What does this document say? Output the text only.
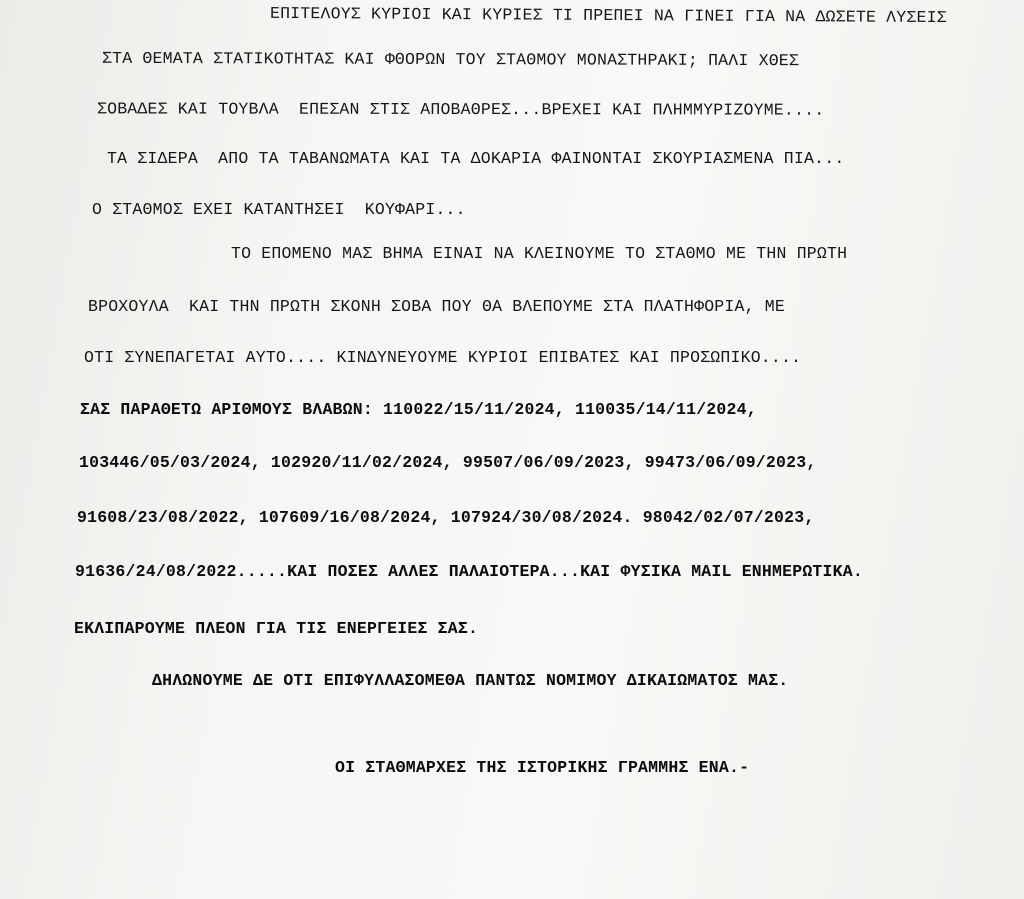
ΕΠΙΤΕΛΟΥΣ ΚΥΡΙΟΙ ΚΑΙ ΚΥΡΙΕΣ ΤΙ ΠΡΕΠΕΙ ΝΑ ΓΙΝΕΙ ΓΙΑ ΝΑ ΔΩΣΕΤΕ ΛΥΣΕΙΣ
ΣΤΑ ΘΕΜΑΤΑ ΣΤΑΤΙΚΟΤΗΤΑΣ ΚΑΙ ΦΘΟΡΩΝ ΤΟΥ ΣΤΑΘΜΟΥ ΜΟΝΑΣΤΗΡΑΚΙ; ΠΑΛΙ ΧΘΕΣ
ΣΟΒΑΔΕΣ ΚΑΙ ΤΟΥΒΛΑ  ΕΠΕΣΑΝ ΣΤΙΣ ΑΠΟΒΑΘΡΕΣ...ΒΡΕΧΕΙ ΚΑΙ ΠΛΗΜΜΥΡΙΖΟΥΜΕ....
ΤΑ ΣΙΔΕΡΑ  ΑΠΟ ΤΑ ΤΑΒΑΝΩΜΑΤΑ ΚΑΙ ΤΑ ΔΟΚΑΡΙΑ ΦΑΙΝΟΝΤΑΙ ΣΚΟΥΡΙΑΣΜΕΝΑ ΠΙΑ...
Ο ΣΤΑΘΜΟΣ ΕΧΕΙ ΚΑΤΑΝΤΗΣΕΙ  ΚΟΥΦΑΡΙ...
ΤΟ ΕΠΟΜΕΝΟ ΜΑΣ ΒΗΜΑ ΕΙΝΑΙ ΝΑ ΚΛΕΙΝΟΥΜΕ ΤΟ ΣΤΑΘΜΟ ΜΕ ΤΗΝ ΠΡΩΤΗ
ΒΡΟΧΟΥΛΑ  ΚΑΙ ΤΗΝ ΠΡΩΤΗ ΣΚΟΝΗ ΣΟΒΑ ΠΟΥ ΘΑ ΒΛΕΠΟΥΜΕ ΣΤΑ ΠΛΑΤΗΦΟΡΙΑ, ΜΕ
ΟΤΙ ΣΥΝΕΠΑΓΕΤΑΙ ΑΥΤΟ.... ΚΙΝΔΥΝΕΥΟΥΜΕ ΚΥΡΙΟΙ ΕΠΙΒΑΤΕΣ ΚΑΙ ΠΡΟΣΩΠΙΚΟ....
ΣΑΣ ΠΑΡΑΘΕΤΩ ΑΡΙΘΜΟΥΣ ΒΛΑΒΩΝ: 110022/15/11/2024, 110035/14/11/2024,
103446/05/03/2024, 102920/11/02/2024, 99507/06/09/2023, 99473/06/09/2023,
91608/23/08/2022, 107609/16/08/2024, 107924/30/08/2024. 98042/02/07/2023,
91636/24/08/2022.....ΚΑΙ ΠΟΣΕΣ ΑΛΛΕΣ ΠΑΛΑΙΟΤΕΡΑ...ΚΑΙ ΦΥΣΙΚΑ MAIL ΕΝΗΜΕΡΩΤΙΚΑ.
ΕΚΛΙΠΑΡΟΥΜΕ ΠΛΕΟΝ ΓΙΑ ΤΙΣ ΕΝΕΡΓΕΙΕΣ ΣΑΣ.
ΔΗΛΩΝΟΥΜΕ ΔΕ ΟΤΙ ΕΠΙΦΥΛΛΑΣΟΜΕΘΑ ΠΑΝΤΩΣ ΝΟΜΙΜΟΥ ΔΙΚΑΙΩΜΑΤΟΣ ΜΑΣ.
ΟΙ ΣΤΑΘΜΑΡΧΕΣ ΤΗΣ ΙΣΤΟΡΙΚΗΣ ΓΡΑΜΜΗΣ ΕΝΑ.-
